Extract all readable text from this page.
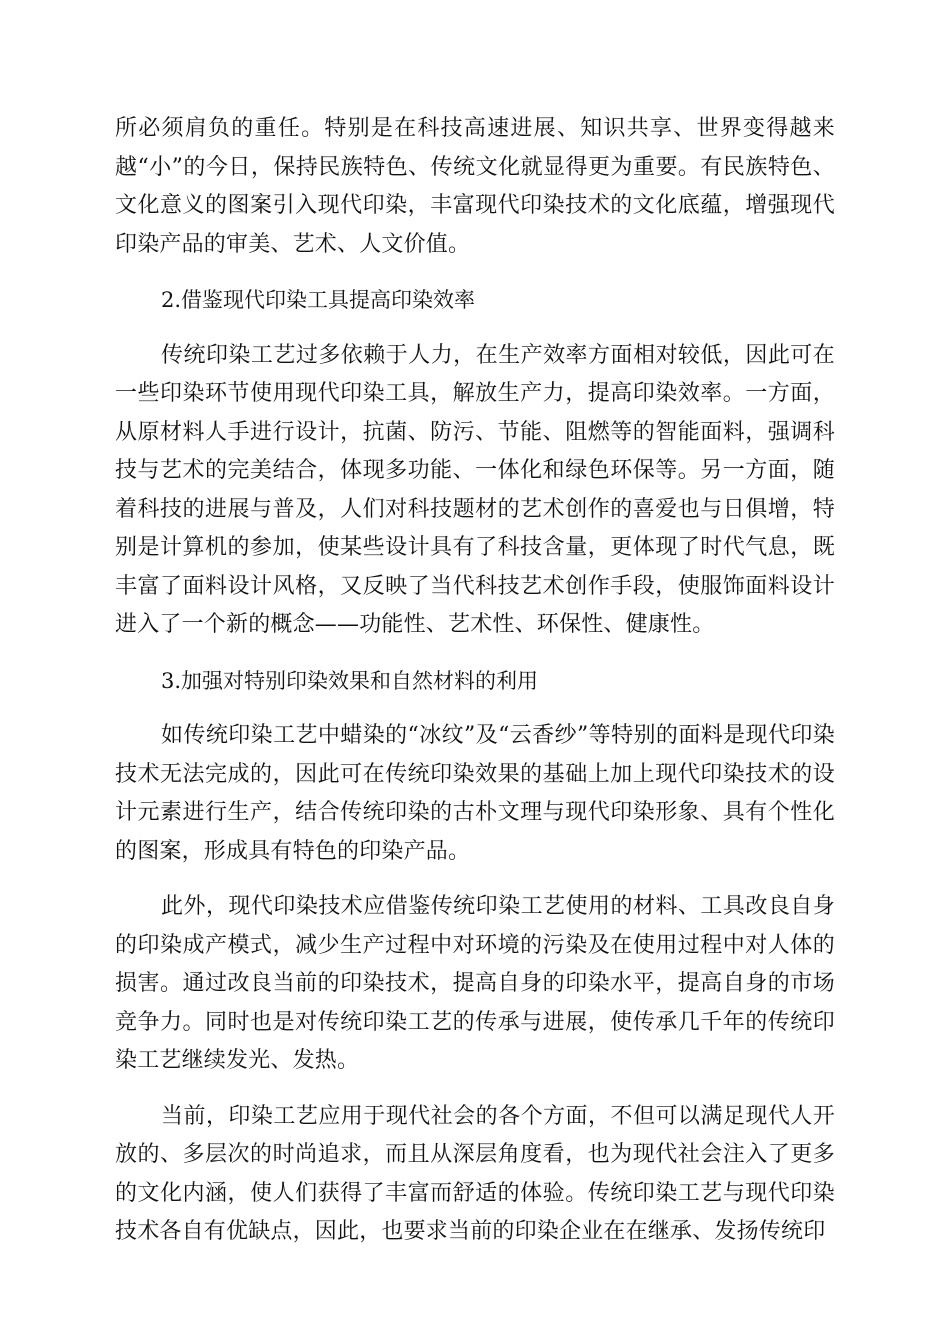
所必须肩负的重任。特别是在科技高速进展、知识共享、世界变得越来越“小”的今日，保持民族特色、传统文化就显得更为重要。有民族特色、文化意义的图案引入现代印染，丰富现代印染技术的文化底蕴，增强现代印染产品的审美、艺术、人文价值。

2.借鉴现代印染工具提高印染效率

传统印染工艺过多依赖于人力，在生产效率方面相对较低，因此可在一些印染环节使用现代印染工具，解放生产力，提高印染效率。一方面，从原材料人手进行设计，抗菌、防污、节能、阻燃等的智能面料，强调科技与艺术的完美结合，体现多功能、一体化和绿色环保等。另一方面，随着科技的进展与普及，人们对科技题材的艺术创作的喜爱也与日俱增，特别是计算机的参加，使某些设计具有了科技含量，更体现了时代气息，既丰富了面料设计风格，又反映了当代科技艺术创作手段，使服饰面料设计进入了一个新的概念——功能性、艺术性、环保性、健康性。

3.加强对特别印染效果和自然材料的利用

如传统印染工艺中蜡染的“冰纹”及“云香纱”等特别的面料是现代印染技术无法完成的，因此可在传统印染效果的基础上加上现代印染技术的设计元素进行生产，结合传统印染的古朴文理与现代印染形象、具有个性化的图案，形成具有特色的印染产品。

此外，现代印染技术应借鉴传统印染工艺使用的材料、工具改良自身的印染成产模式，减少生产过程中对环境的污染及在使用过程中对人体的损害。通过改良当前的印染技术，提高自身的印染水平，提高自身的市场竞争力。同时也是对传统印染工艺的传承与进展，使传承几千年的传统印染工艺继续发光、发热。

当前，印染工艺应用于现代社会的各个方面，不但可以满足现代人开放的、多层次的时尚追求，而且从深层角度看，也为现代社会注入了更多的文化内涵，使人们获得了丰富而舒适的体验。传统印染工艺与现代印染技术各自有优缺点，因此，也要求当前的印染企业在在继承、发扬传统印
